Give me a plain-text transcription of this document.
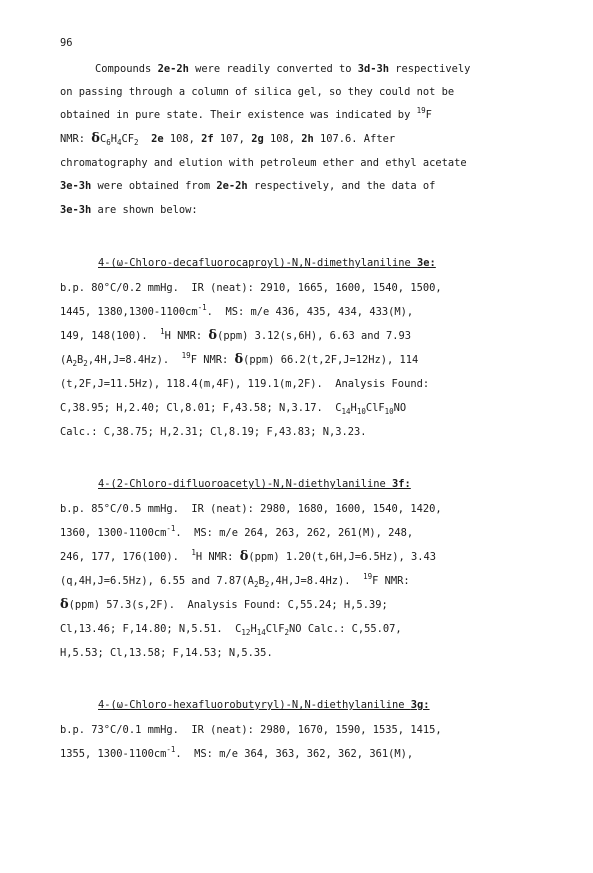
96
Compounds 2e-2h were readily converted to 3d-3h respectively
on passing through a column of silica gel, so they could not be
obtained in pure state. Their existence was indicated by $^{19}$F
NMR: $\delta C_6H_4CF_2$ 2e 108, 2f 107, 2g 108, 2h 107.6. After
chromatography and elution with petroleum ether and ethyl acetate
3e-3h were obtained from 2e-2h respectively, and the data of
3e-3h are shown below:
4-(ω-Chloro-decafluorocaproyl)-N,N-dimethylaniline 3e:
b.p. 80°C/0.2 mmHg.  IR (neat): 2910, 1665, 1600, 1540, 1500,
1445, $1380,1300-1100cm^{-1}$.  MS: m/e 436, 435, 434, 433(M),
149, 148(100).  $^1$H NMR: δ(ppm) 3.12(s,6H), 6.63 and 7.93
$(A_2B_2,4H,J=8.4Hz)$.  $^{19}$F NMR: δ(ppm) 66.2(t,2F,J=12Hz), 114
(t,2F,J=11.5Hz), 118.4(m,4F), 119.1(m,2F).  Analysis Found:
C,38.95; H,2.40; Cl,8.01; F,43.58; N,3.17.  $C_{14}H_{10}ClF_{10}NO$
Calc.: C,38.75; H,2.31; Cl,8.19; F,43.83; N,3.23.
4-(2-Chloro-difluoroacetyl)-N,N-diethylaniline 3f:
b.p. 85°C/0.5 mmHg.  IR (neat): 2980, 1680, 1600, 1540, 1420,
1360, $1300-1100cm^{-1}$.  MS: m/e 264, 263, 262, 261(M), 248,
246, 177, 176(100).  $^1$H NMR: δ(ppm) 1.20(t,6H,J=6.5Hz), 3.43
(q,4H,J=6.5Hz), 6.55 and $7.87(A_2B_2,4H,J=8.4Hz)$.  $^{19}$F NMR:
δ(ppm) 57.3(s,2F).  Analysis Found: C,55.24; H,5.39;
Cl,13.46; F,14.80; N,5.51.  $C_{12}H_{14}ClF_2NO$ Calc.: C,55.07,
H,5.53; Cl,13.58; F,14.53; N,5.35.
4-(ω-Chloro-hexafluorobutyryl)-N,N-diethylaniline 3g:
b.p. 73°C/0.1 mmHg.  IR (neat): 2980, 1670, 1590, 1535, 1415,
1355, $1300-1100cm^{-1}$.  MS: m/e 364, 363, 362, 362, 361(M),
